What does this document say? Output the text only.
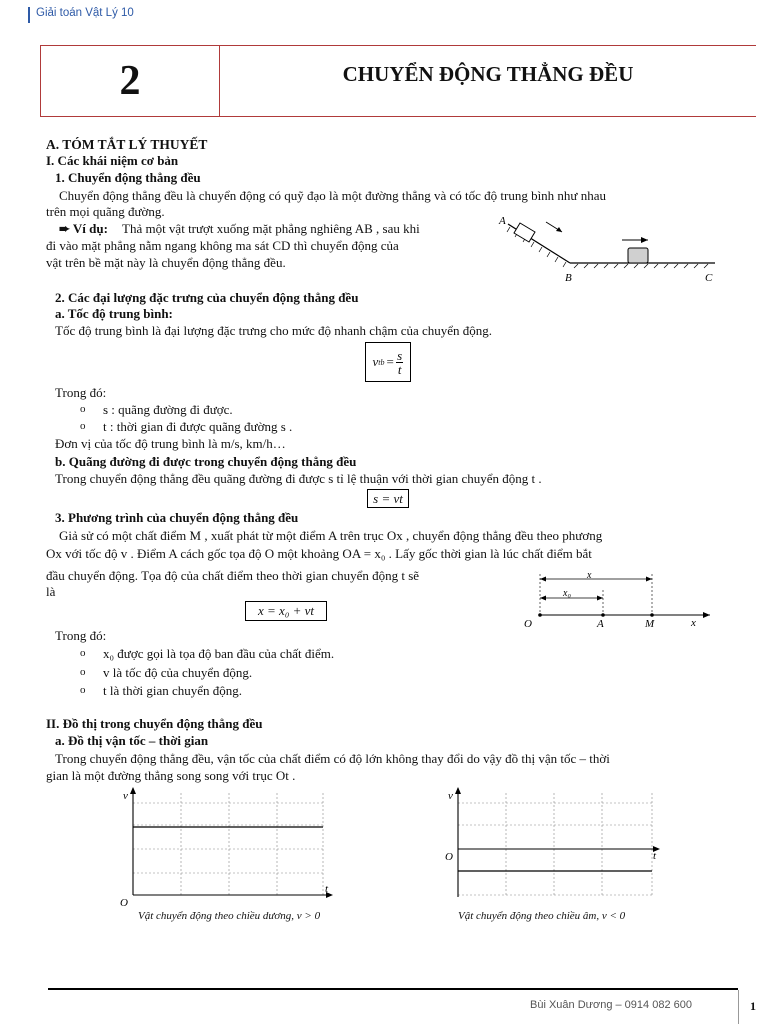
Giải toán Vật Lý 10
2	CHUYỂN ĐỘNG THẲNG ĐỀU
A. TÓM TẮT LÝ THUYẾT
I. Các khái niệm cơ bản
1. Chuyển động thẳng đều
Chuyển động thẳng đều là chuyển động có quỹ đạo là một đường thẳng và có tốc độ trung bình như nhau
trên mọi quãng đường.
➨ Ví dụ: Thả một vật trượt xuống mặt phẳng nghiêng AB , sau khi
đi vào mặt phẳng nằm ngang không ma sát CD thì chuyển động của
vật trên bề mặt này là chuyển động thẳng đều.
A
B	C
2. Các đại lượng đặc trưng của chuyển động thẳng đều
a. Tốc độ trung bình:
Tốc độ trung bình là đại lượng đặc trưng cho mức độ nhanh chậm của chuyển động.
v tb = $\frac{s}{t}$
Trong đó:
o s : quãng đường đi được.
o t : thời gian đi được quãng đường s .
Đơn vị của tốc độ trung bình là m/s, km/h…
b. Quãng đường đi được trong chuyển động thẳng đều
Trong chuyển động thẳng đều quãng đường đi được s tỉ lệ thuận với thời gian chuyển động t .
s = vt
3. Phương trình của chuyển động thẳng đều
Giả sử có một chất điểm M , xuất phát từ một điểm A trên trục Ox , chuyển động thẳng đều theo phương
Ox với tốc độ v . Điểm A cách gốc tọa độ O một khoảng OA = x₀ . Lấy gốc thời gian là lúc chất điểm bắt
đầu chuyển động. Tọa độ của chất điểm theo thời gian chuyển động t sẽ
là
x = x₀ + vt
x
x₀
O	A	M	x
Trong đó:
o x₀ được gọi là tọa độ ban đầu của chất điểm.
o v là tốc độ của chuyển động.
o t là thời gian chuyển động.
II. Đồ thị trong chuyển động thẳng đều
a. Đồ thị vận tốc – thời gian
Trong chuyển động thẳng đều, vận tốc của chất điểm có độ lớn không thay đổi do vậy đồ thị vận tốc – thời
gian là một đường thẳng song song với trục Ot .
v
O
t
Vật chuyển động theo chiều dương, v > 0
v
O	t
Vật chuyển động theo chiều âm, v < 0
Bùi Xuân Dương – 0914 082 600	1
